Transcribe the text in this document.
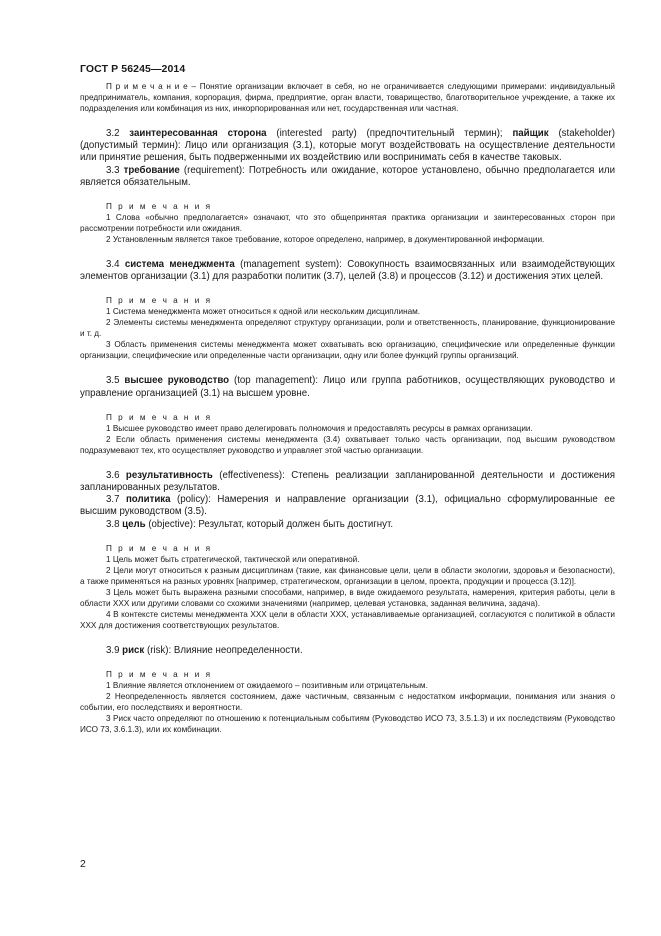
ГОСТ Р 56245—2014

П р и м е ч а н и е – Понятие организации включает в себя, но не ограничивается следующими примерами: индивидуальный предприниматель, компания, корпорация, фирма, предприятие, орган власти, товарищество, благотворительное учреждение, а также их подразделения или комбинация из них, инкорпорированная или нет, государственная или частная.

3.2 заинтересованная сторона (interested party) (предпочтительный термин); пайщик (stakeholder) (допустимый термин): Лицо или организация (3.1), которые могут воздействовать на осуществление деятельности или принятие решения, быть подверженными их воздействию или воспринимать себя в качестве таковых.

3.3 требование (requirement): Потребность или ожидание, которое установлено, обычно предполагается или является обязательным.

П р и м е ч а н и я

1 Слова «обычно предполагается» означают, что это общепринятая практика организации и заинтересованных сторон при рассмотрении потребности или ожидания.

2 Установленным является такое требование, которое определено, например, в документированной информации.

3.4 система менеджмента (management system): Совокупность взаимосвязанных или взаимодействующих элементов организации (3.1) для разработки политик (3.7), целей (3.8) и процессов (3.12) и достижения этих целей.

П р и м е ч а н и я

1 Система менеджмента может относиться к одной или нескольким дисциплинам.

2 Элементы системы менеджмента определяют структуру организации, роли и ответственность, планирование, функционирование и т. д.

3 Область применения системы менеджмента может охватывать всю организацию, специфические или определенные функции организации, специфические или определенные части организации, одну или более функций группы организаций.

3.5 высшее руководство (top management): Лицо или группа работников, осуществляющих руководство и управление организацией (3.1) на высшем уровне.

П р и м е ч а н и я

1 Высшее руководство имеет право делегировать полномочия и предоставлять ресурсы в рамках организации.

2 Если область применения системы менеджмента (3.4) охватывает только часть организации, под высшим руководством подразумевают тех, кто осуществляет руководство и управляет этой частью организации.

3.6 результативность (effectiveness): Степень реализации запланированной деятельности и достижения запланированных результатов.

3.7 политика (policy): Намерения и направление организации (3.1), официально сформулированные ее высшим руководством (3.5).

3.8 цель (objective): Результат, который должен быть достигнут.

П р и м е ч а н и я

1 Цель может быть стратегической, тактической или оперативной.

2 Цели могут относиться к разным дисциплинам (такие, как финансовые цели, цели в области экологии, здоровья и безопасности), а также применяться на разных уровнях [например, стратегическом, организации в целом, проекта, продукции и процесса (3.12)].

3 Цель может быть выражена разными способами, например, в виде ожидаемого результата, намерения, критерия работы, цели в области XXX или другими словами со схожими значениями (например, целевая установка, заданная величина, задача).

4 В контексте системы менеджмента XXX цели в области XXX, устанавливаемые организацией, согласуются с политикой в области XXX для достижения соответствующих результатов.

3.9 риск (risk): Влияние неопределенности.

П р и м е ч а н и я

1 Влияние является отклонением от ожидаемого – позитивным или отрицательным.

2 Неопределенность является состоянием, даже частичным, связанным с недостатком информации, понимания или знания о событии, его последствиях и вероятности.

3 Риск часто определяют по отношению к потенциальным событиям (Руководство ИСО 73, 3.5.1.3) и их последствиям (Руководство ИСО 73, 3.6.1.3), или их комбинации.

2
